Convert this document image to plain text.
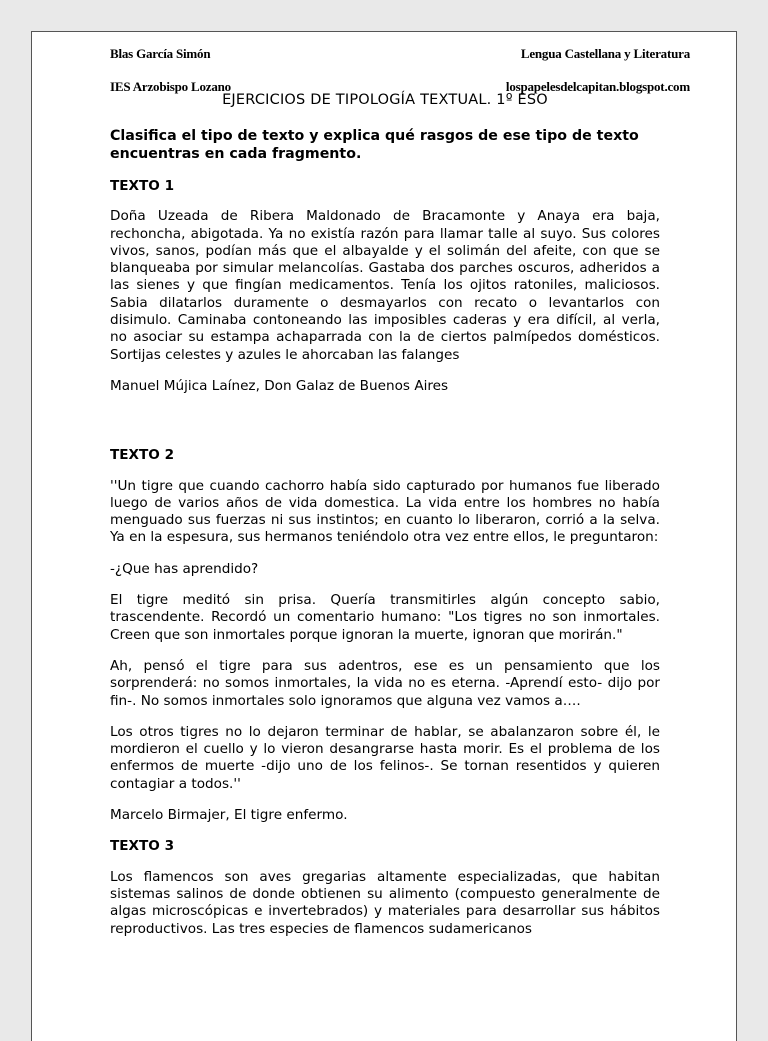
Blas García Simón	Lengua Castellana y Literatura
IES Arzobispo Lozano	lospapelesdelcapitan.blogspot.com
EJERCICIOS DE TIPOLOGÍA TEXTUAL. 1º ESO

Clasifica el tipo de texto y explica qué rasgos de ese tipo de texto encuentras en cada fragmento.

TEXTO 1

Doña Uzeada de Ribera Maldonado de Bracamonte y Anaya era baja, rechoncha, abigotada. Ya no existía razón para llamar talle al suyo. Sus colores vivos, sanos, podían más que el albayalde y el solimán del afeite, con que se blanqueaba por simular melancolías. Gastaba dos parches oscuros, adheridos a las sienes y que fingían medicamentos. Tenía los ojitos ratoniles, maliciosos. Sabia dilatarlos duramente o desmayarlos con recato o levantarlos con disimulo. Caminaba contoneando las imposibles caderas y era difícil, al verla, no asociar su estampa achaparrada con la de ciertos palmípedos domésticos. Sortijas celestes y azules le ahorcaban las falanges

Manuel Mújica Laínez, Don Galaz de Buenos Aires

TEXTO 2

''Un tigre que cuando cachorro había sido capturado por humanos fue liberado luego de varios años de vida domestica. La vida entre los hombres no había menguado sus fuerzas ni sus instintos; en cuanto lo liberaron, corrió a la selva. Ya en la espesura, sus hermanos teniéndolo otra vez entre ellos, le preguntaron:

-¿Que has aprendido?

El tigre meditó sin prisa. Quería transmitirles algún concepto sabio, trascendente. Recordó un comentario humano: "Los tigres no son inmortales. Creen que son inmortales porque ignoran la muerte, ignoran que morirán."

Ah, pensó el tigre para sus adentros, ese es un pensamiento que los sorprenderá: no somos inmortales, la vida no es eterna. -Aprendí esto- dijo por fin-. No somos inmortales solo ignoramos que alguna vez vamos a….

Los otros tigres no lo dejaron terminar de hablar, se abalanzaron sobre él, le mordieron el cuello y lo vieron desangrarse hasta morir. Es el problema de los enfermos de muerte -dijo uno de los felinos-. Se tornan resentidos y quieren contagiar a todos.''

Marcelo Birmajer, El tigre enfermo.

TEXTO 3

Los flamencos son aves gregarias altamente especializadas, que habitan sistemas salinos de donde obtienen su alimento (compuesto generalmente de algas microscópicas e invertebrados) y materiales para desarrollar sus hábitos reproductivos. Las tres especies de flamencos sudamericanos
